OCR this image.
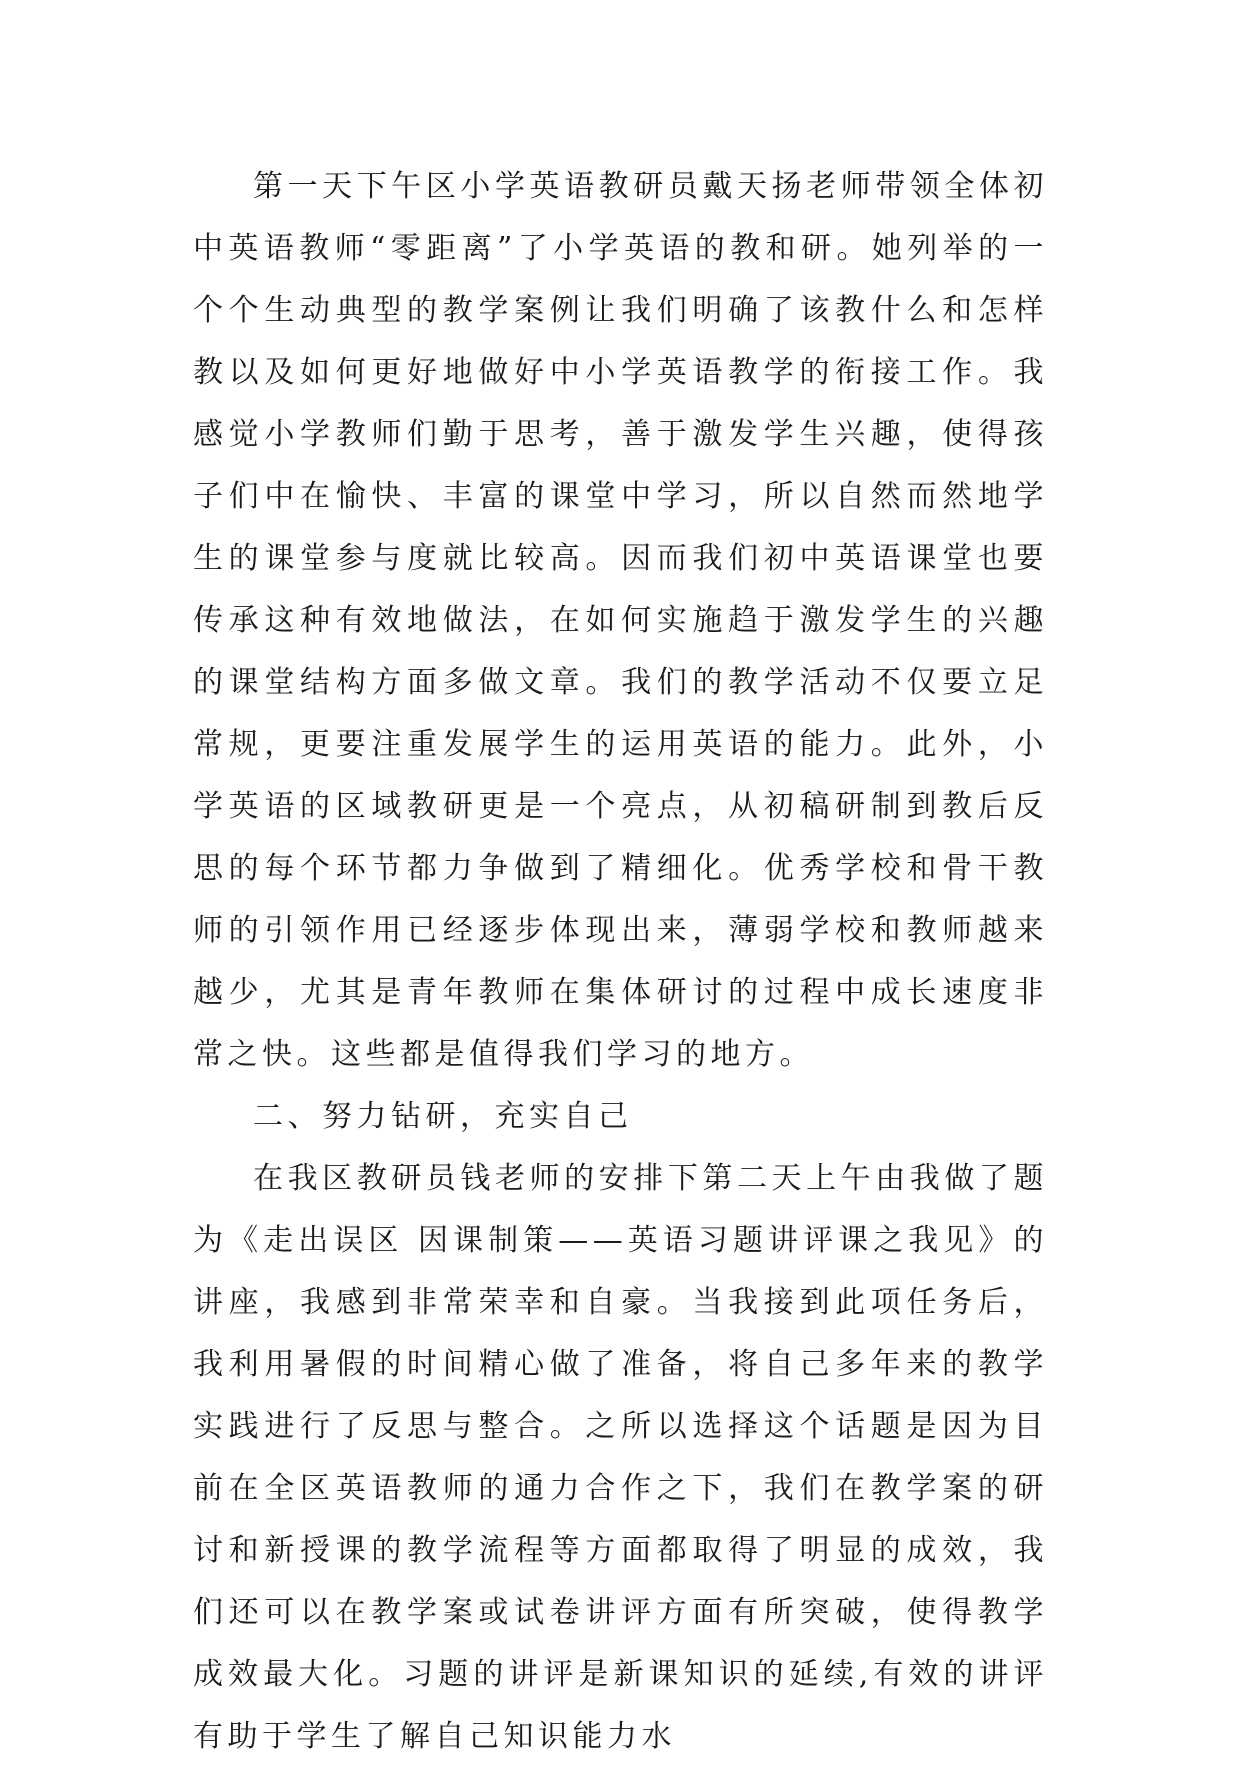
第一天下午区小学英语教研员戴天扬老师带领全体初中英语教师“零距离”了小学英语的教和研。她列举的一个个生动典型的教学案例让我们明确了该教什么和怎样教以及如何更好地做好中小学英语教学的衔接工作。我感觉小学教师们勤于思考，善于激发学生兴趣，使得孩子们中在愉快、丰富的课堂中学习，所以自然而然地学生的课堂参与度就比较高。因而我们初中英语课堂也要传承这种有效地做法，在如何实施趋于激发学生的兴趣的课堂结构方面多做文章。我们的教学活动不仅要立足常规，更要注重发展学生的运用英语的能力。此外，小学英语的区域教研更是一个亮点，从初稿研制到教后反思的每个环节都力争做到了精细化。优秀学校和骨干教师的引领作用已经逐步体现出来，薄弱学校和教师越来越少，尤其是青年教师在集体研讨的过程中成长速度非常之快。这些都是值得我们学习的地方。

二、努力钻研，充实自己

在我区教研员钱老师的安排下第二天上午由我做了题为《走出误区 因课制策——英语习题讲评课之我见》的讲座，我感到非常荣幸和自豪。当我接到此项任务后，我利用暑假的时间精心做了准备，将自己多年来的教学实践进行了反思与整合。之所以选择这个话题是因为目前在全区英语教师的通力合作之下，我们在教学案的研讨和新授课的教学流程等方面都取得了明显的成效，我们还可以在教学案或试卷讲评方面有所突破，使得教学成效最大化。习题的讲评是新课知识的延续,有效的讲评有助于学生了解自己知识能力水
